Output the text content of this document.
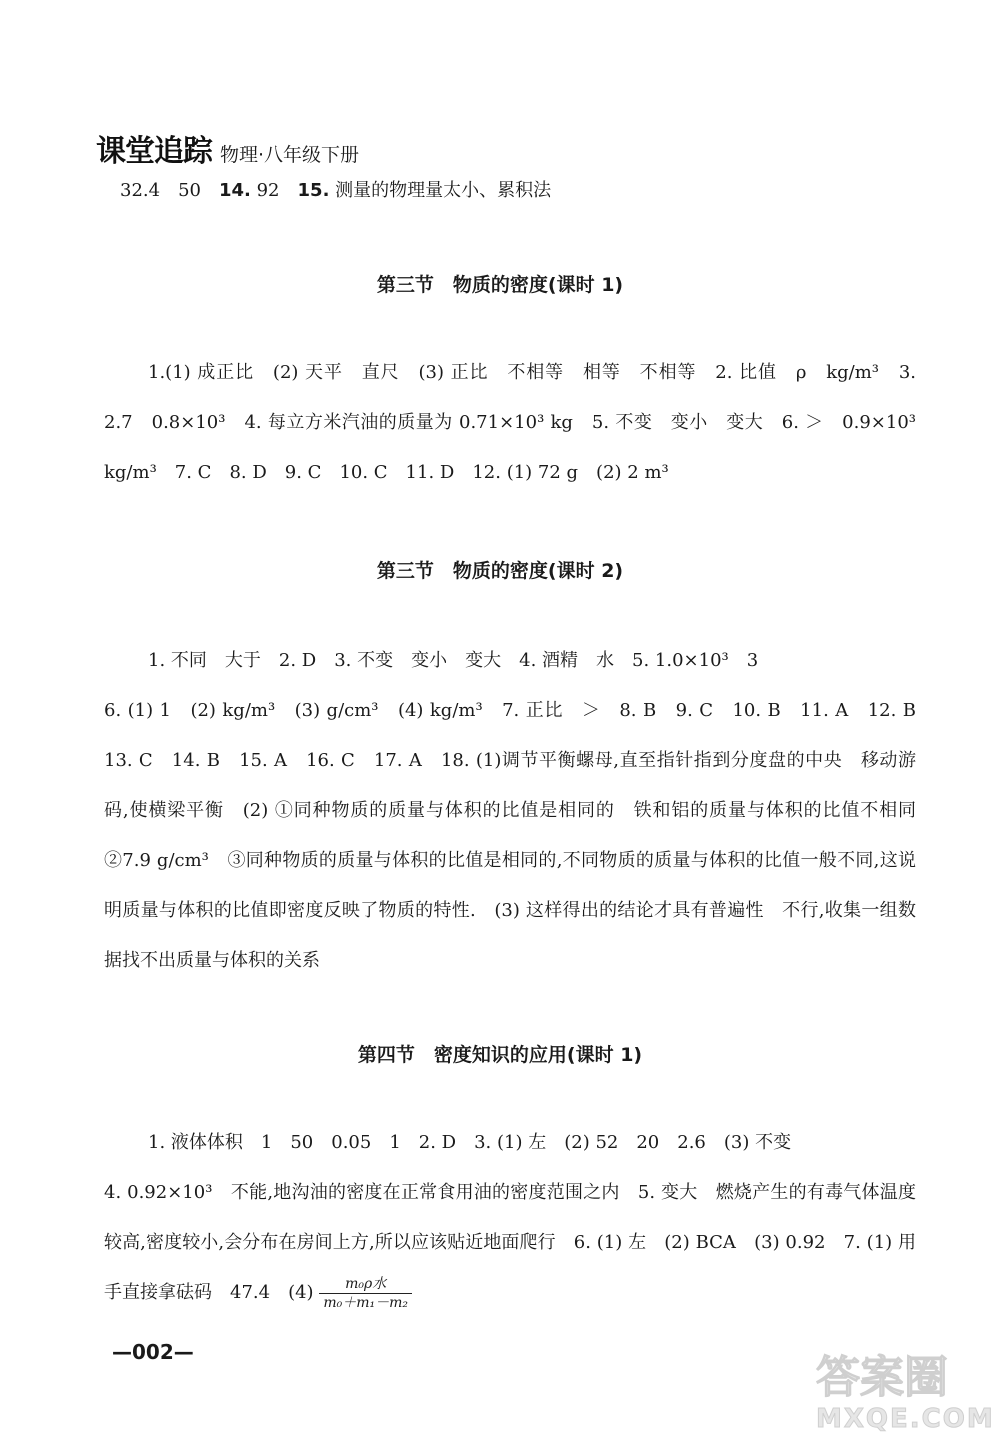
课堂追踪 物理·八年级下册
32.4　50　14. 92　15. 测量的物理量太小、累积法
第三节　物质的密度(课时 1)
1.(1) 成正比　(2) 天平　直尺　(3) 正比　不相等　相等　不相等　2. 比值　ρ　kg/m³　3. 2.7　0.8×10³　4. 每立方米汽油的质量为 0.71×10³ kg　5. 不变　变小　变大　6. ＞　0.9×10³ kg/m³　7. C　8. D　9. C　10. C　11. D　12. (1) 72 g　(2) 2 m³
第三节　物质的密度(课时 2)
1. 不同　大于　2. D　3. 不变　变小　变大　4. 酒精　水　5. 1.0×10³　3
6. (1) 1　(2) kg/m³　(3) g/cm³　(4) kg/m³　7. 正比　＞　8. B　9. C　10. B　11. A　12. B　13. C　14. B　15. A　16. C　17. A　18. (1)调节平衡螺母,直至指针指到分度盘的中央　移动游码,使横梁平衡　(2) ①同种物质的质量与体积的比值是相同的　铁和铝的质量与体积的比值不相同　②7.9 g/cm³　③同种物质的质量与体积的比值是相同的,不同物质的质量与体积的比值一般不同,这说明质量与体积的比值即密度反映了物质的特性.　(3) 这样得出的结论才具有普遍性　不行,收集一组数据找不出质量与体积的关系
第四节　密度知识的应用(课时 1)
1. 液体体积　1　50　0.05　1　2. D　3. (1) 左　(2) 52　20　2.6　(3) 不变
4. 0.92×10³　不能,地沟油的密度在正常食用油的密度范围之内　5. 变大　燃烧产生的有毒气体温度较高,密度较小,会分布在房间上方,所以应该贴近地面爬行　6. (1) 左　(2) BCA　(3) 0.92　7. (1) 用手直接拿砝码　47.4　$(4) \frac{\text{m₀ρ水}}{\text{m₀＋m₁－m₂}}$
—002—	答案圈
MXQE.COM
